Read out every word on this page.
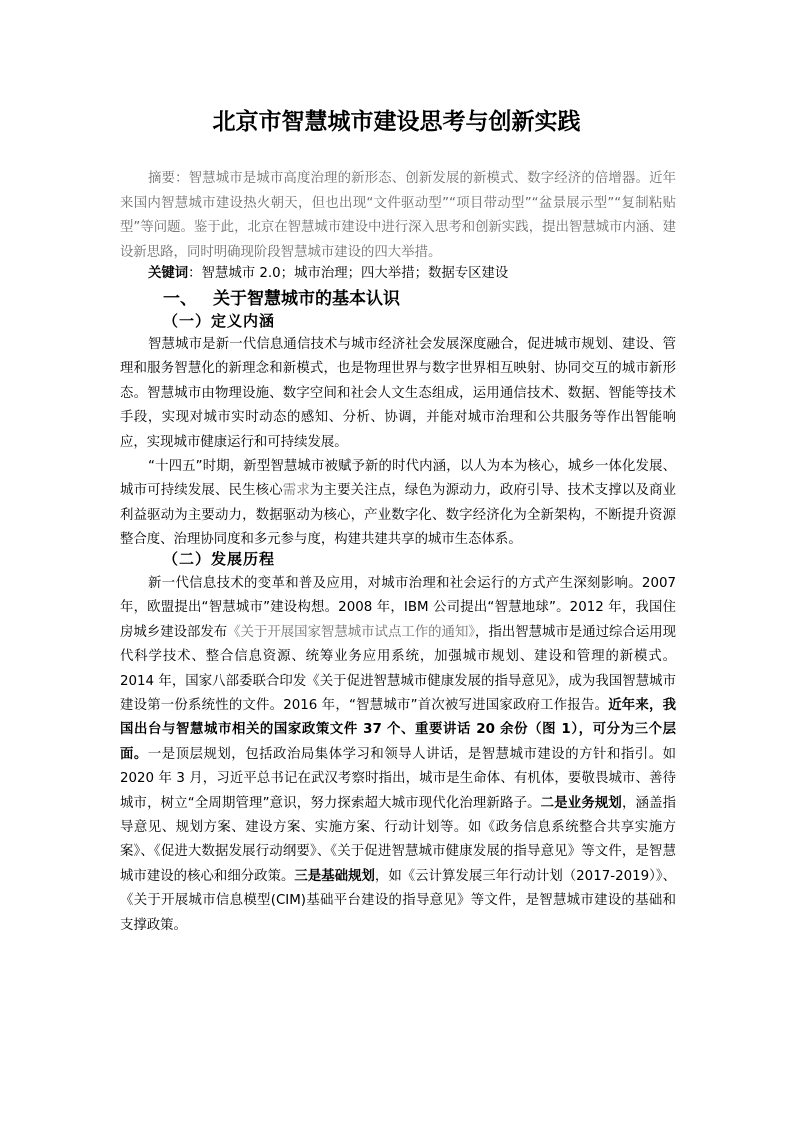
北京市智慧城市建设思考与创新实践
摘要：智慧城市是城市高度治理的新形态、创新发展的新模式、数字经济的倍增器。近年来国内智慧城市建设热火朝天，但也出现“文件驱动型”“项目带动型”“盆景展示型”“复制粘贴型”等问题。鉴于此，北京在智慧城市建设中进行深入思考和创新实践，提出智慧城市内涵、建设新思路，同时明确现阶段智慧城市建设的四大举措。
关键词：智慧城市 2.0；城市治理；四大举措；数据专区建设
一、 关于智慧城市的基本认识
（一）定义内涵
智慧城市是新一代信息通信技术与城市经济社会发展深度融合，促进城市规划、建设、管理和服务智慧化的新理念和新模式，也是物理世界与数字世界相互映射、协同交互的城市新形态。智慧城市由物理设施、数字空间和社会人文生态组成，运用通信技术、数据、智能等技术手段，实现对城市实时动态的感知、分析、协调，并能对城市治理和公共服务等作出智能响应，实现城市健康运行和可持续发展。
“十四五”时期，新型智慧城市被赋予新的时代内涵，以人为本为核心，城乡一体化发展、城市可持续发展、民生核心需求为主要关注点，绿色为源动力，政府引导、技术支撑以及商业利益驱动为主要动力，数据驱动为核心，产业数字化、数字经济化为全新架构，不断提升资源整合度、治理协同度和多元参与度，构建共建共享的城市生态体系。
（二）发展历程
新一代信息技术的变革和普及应用，对城市治理和社会运行的方式产生深刻影响。2007年，欧盟提出“智慧城市”建设构想。2008 年，IBM 公司提出“智慧地球”。2012 年，我国住房城乡建设部发布《关于开展国家智慧城市试点工作的通知》，指出智慧城市是通过综合运用现代科学技术、整合信息资源、统筹业务应用系统，加强城市规划、建设和管理的新模式。2014 年，国家八部委联合印发《关于促进智慧城市健康发展的指导意见》，成为我国智慧城市建设第一份系统性的文件。2016 年，“智慧城市”首次被写进国家政府工作报告。近年来，我国出台与智慧城市相关的国家政策文件 37 个、重要讲话 20 余份（图 1），可分为三个层面。一是顶层规划，包括政治局集体学习和领导人讲话，是智慧城市建设的方针和指引。如 2020 年 3 月，习近平总书记在武汉考察时指出，城市是生命体、有机体，要敬畏城市、善待城市，树立“全周期管理”意识，努力探索超大城市现代化治理新路子。二是业务规划，涵盖指导意见、规划方案、建设方案、实施方案、行动计划等。如《政务信息系统整合共享实施方案》、《促进大数据发展行动纲要》、《关于促进智慧城市健康发展的指导意见》等文件，是智慧城市建设的核心和细分政策。三是基础规划，如《云计算发展三年行动计划（2017-2019）》、《关于开展城市信息模型(CIM)基础平台建设的指导意见》等文件，是智慧城市建设的基础和支撑政策。
